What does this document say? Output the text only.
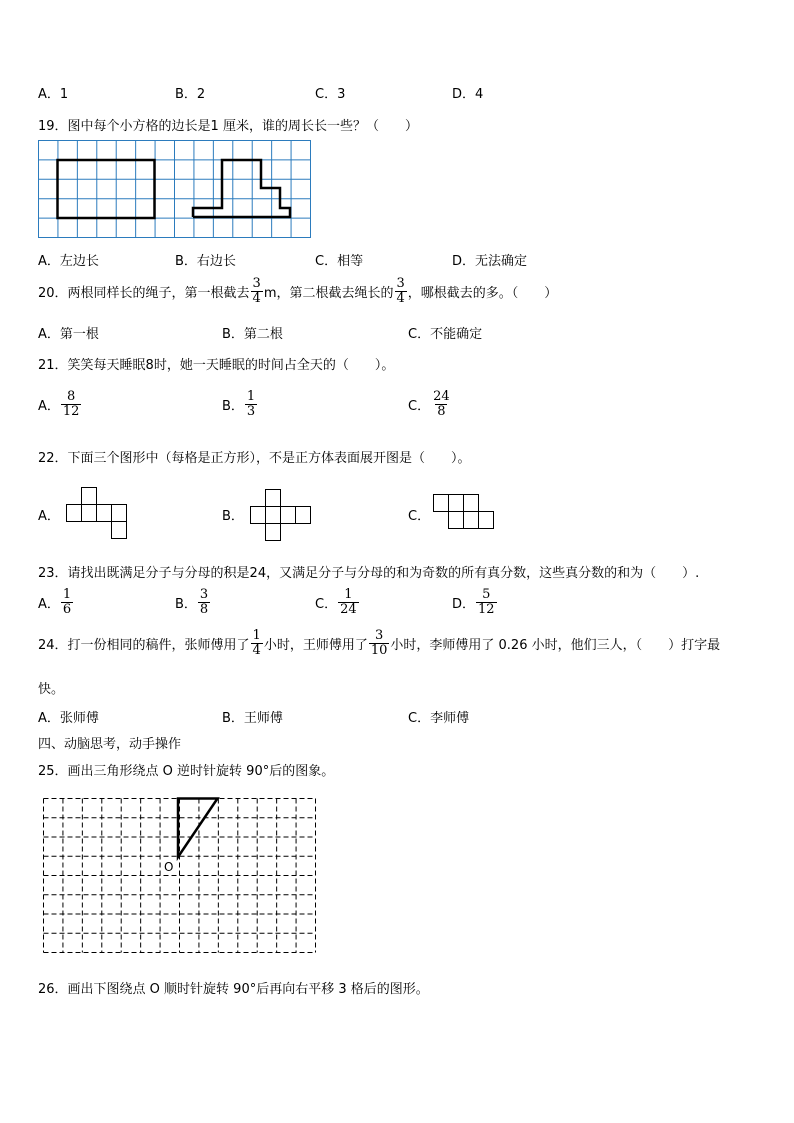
A．1	B．2	C．3	D．4
19．图中每个小方格的边长是1 厘米，谁的周长长一些？（　　）
A．左边长	B．右边长	C．相等	D．无法确定
20．两根同样长的绳子，第一根截去 $\frac{3}{4}$ m，第二根截去绳长的 $\frac{3}{4}$ ，哪根截去的多。（　　）
A．第一根	B．第二根	C．不能确定
21．笑笑每天睡眠8时，她一天睡眠的时间占全天的（　　）。
A． $\frac{8}{12}$	B． $\frac{1}{3}$	C． $\frac{24}{8}$
22．下面三个图形中（每格是正方形），不是正方体表面展开图是（　　）。
A．	B．	C．
23．请找出既满足分子与分母的积是24，又满足分子与分母的和为奇数的所有真分数，这些真分数的和为（　　）.
A． $\frac{1}{6}$	B． $\frac{3}{8}$	C． $\frac{1}{24}$	D． $\frac{5}{12}$
24．打一份相同的稿件，张师傅用了 $\frac{1}{4}$ 小时，王师傅用了 $\frac{3}{10}$ 小时，李师傅用了 0.26 小时，他们三人，（　　）打字最
快。
A．张师傅	B．王师傅	C．李师傅
四、动脑思考，动手操作
25．画出三角形绕点 O 逆时针旋转 90°后的图象。
O
26．画出下图绕点 O 顺时针旋转 90°后再向右平移 3 格后的图形。
